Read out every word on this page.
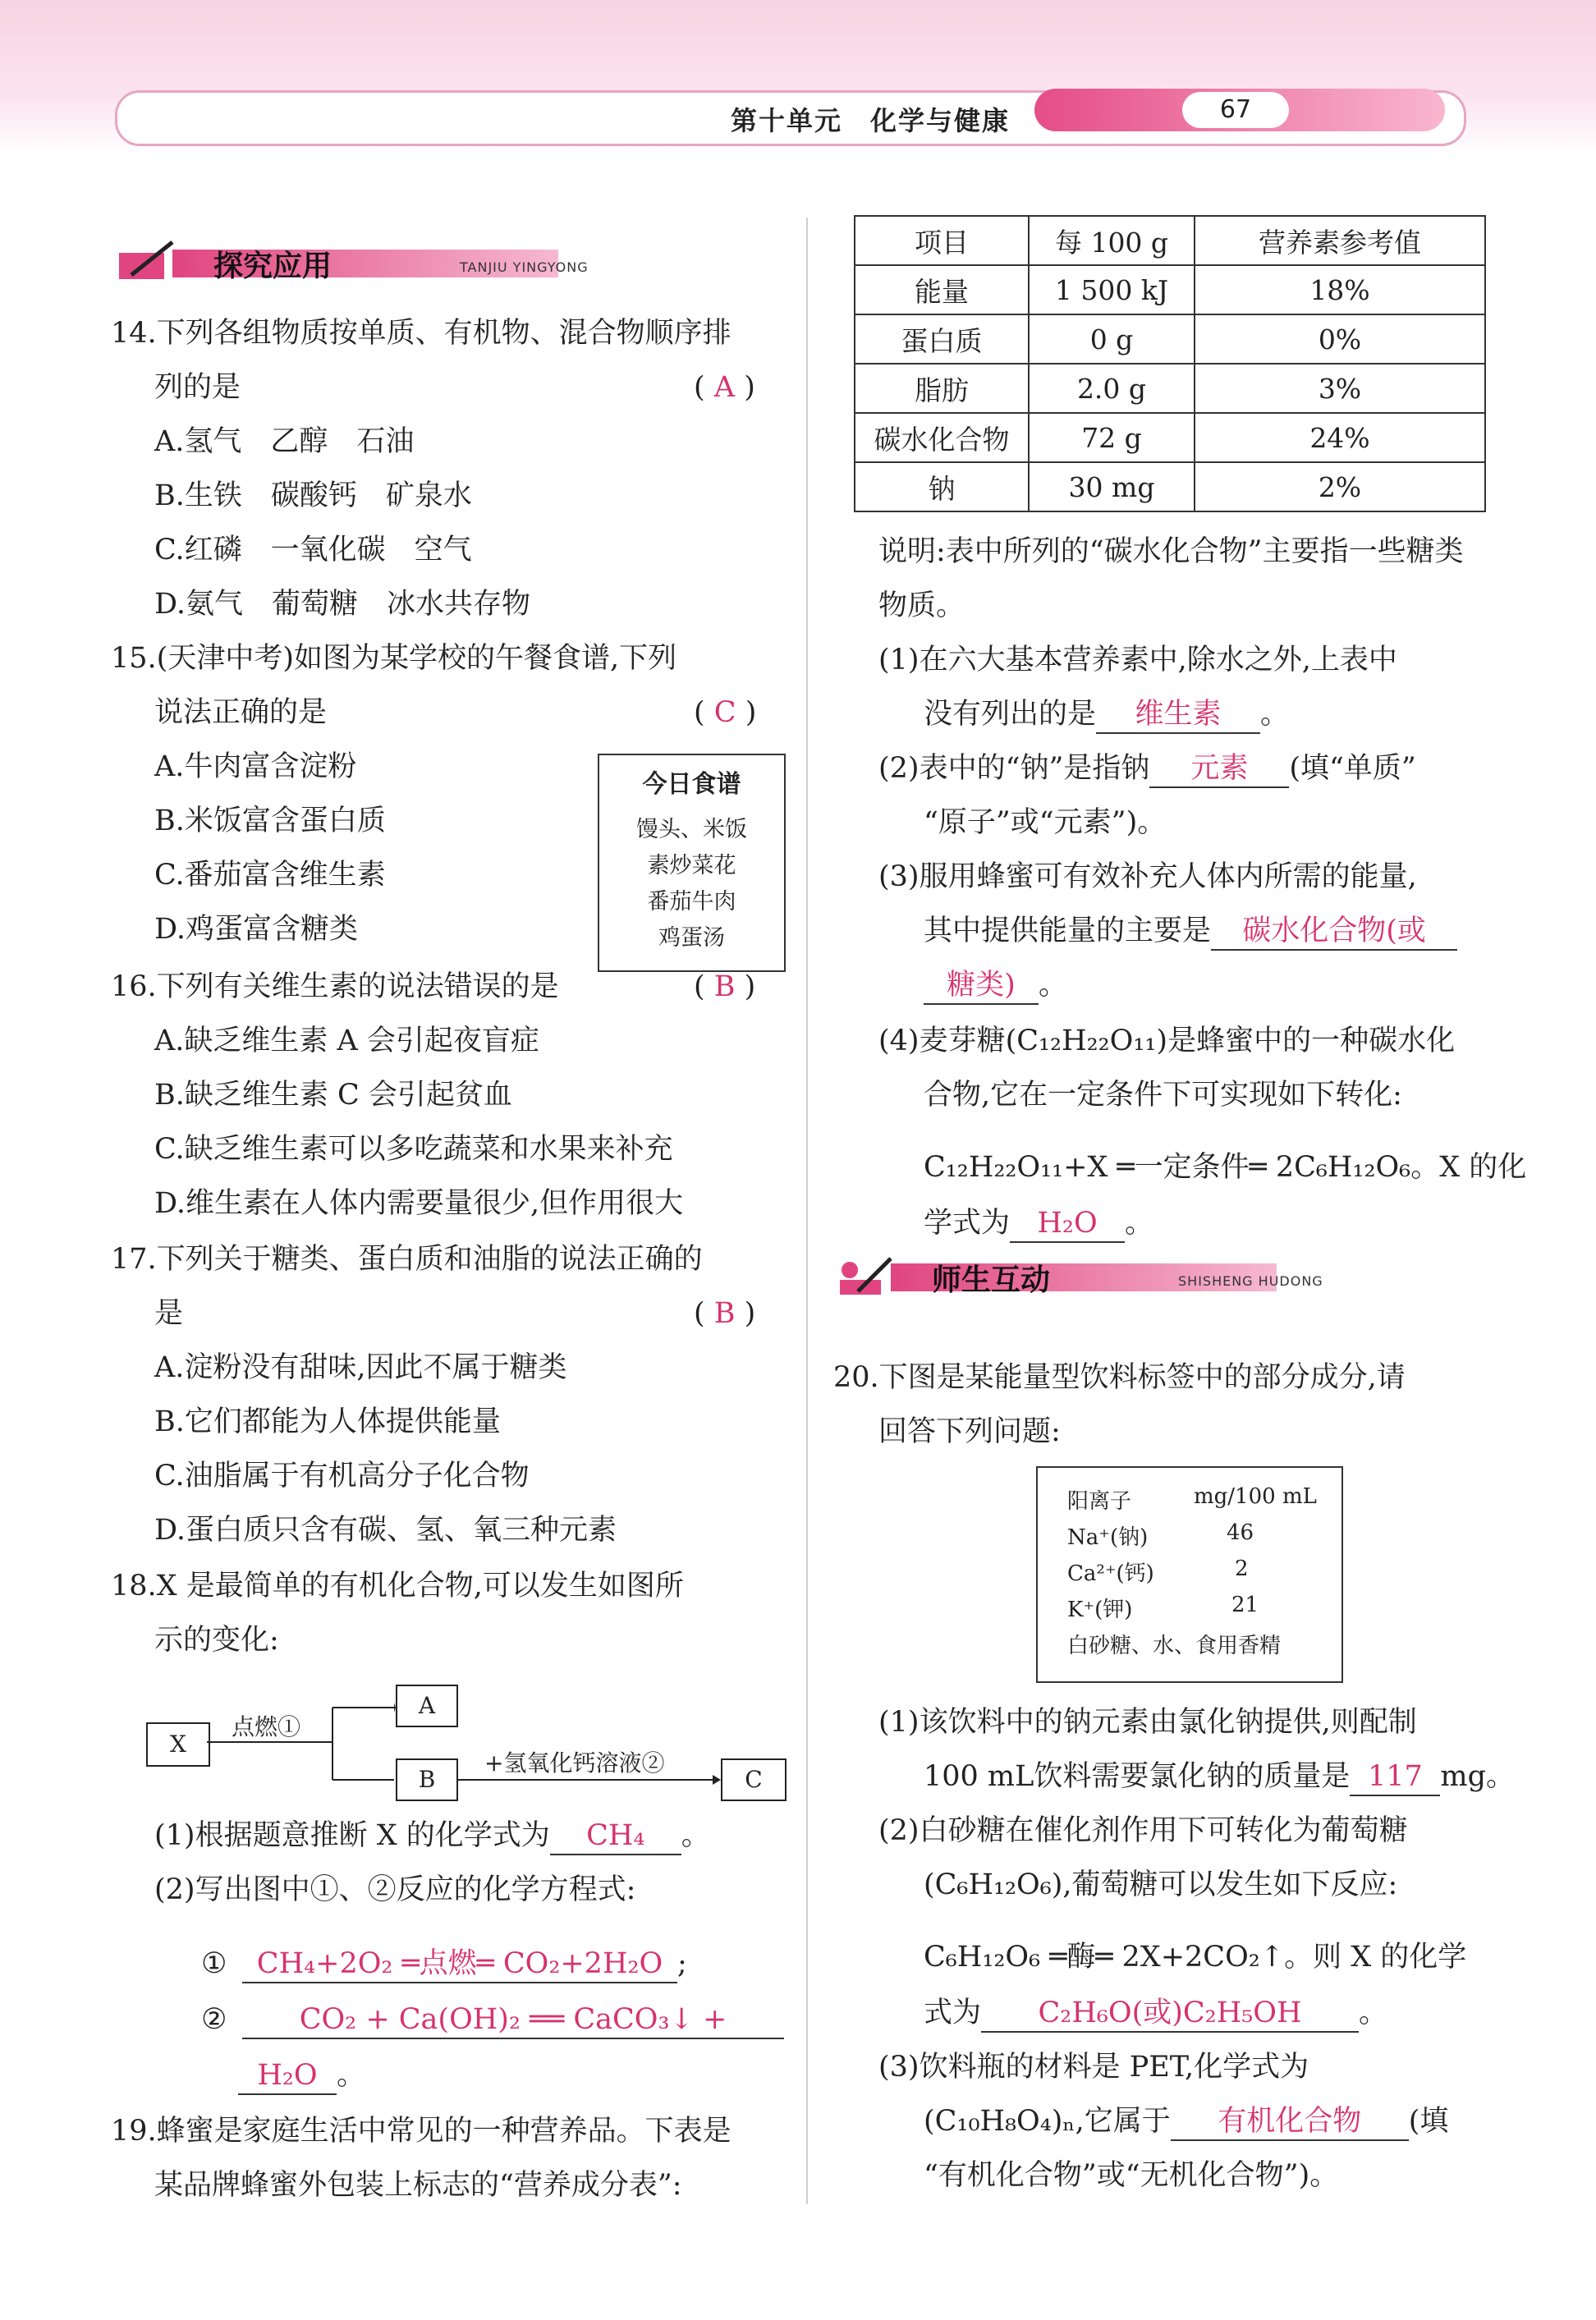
第十单元　化学与健康	67
探究应用	TANJIU YINGYONG
14.下列各组物质按单质、有机物、混合物顺序排
列的是	( A )
A.氢气　乙醇　石油
B.生铁　碳酸钙　矿泉水
C.红磷　一氧化碳　空气
D.氨气　葡萄糖　冰水共存物
15.(天津中考)如图为某学校的午餐食谱,下列
说法正确的是	( C )
A.牛肉富含淀粉
B.米饭富含蛋白质
C.番茄富含维生素
D.鸡蛋富含糖类
今日食谱
馒头、米饭
素炒菜花
番茄牛肉
鸡蛋汤
16.下列有关维生素的说法错误的是	( B )
A.缺乏维生素 A 会引起夜盲症
B.缺乏维生素 C 会引起贫血
C.缺乏维生素可以多吃蔬菜和水果来补充
D.维生素在人体内需要量很少,但作用很大
17.下列关于糖类、蛋白质和油脂的说法正确的
是	( B )
A.淀粉没有甜味,因此不属于糖类
B.它们都能为人体提供能量
C.油脂属于有机高分子化合物
D.蛋白质只含有碳、氢、氧三种元素
18.X 是最简单的有机化合物,可以发生如图所
示的变化:
X
A
B	C
点燃①
+氢氧化钙溶液②
(1)根据题意推断 X 的化学式为 CH₄ 。
(2)写出图中①、②反应的化学方程式:
①	CH₄+2O₂ ═点燃═ CO₂+2H₂O ;
②	CO₂ + Ca(OH)₂ ══ CaCO₃↓ +
H₂O 。
19.蜂蜜是家庭生活中常见的一种营养品。下表是
某品牌蜂蜜外包装上标志的“营养成分表”:
项目	每 100 g	营养素参考值
能量	1 500 kJ	18%
蛋白质	0 g	0%
脂肪	2.0 g	3%
碳水化合物	72 g	24%
钠	30 mg	2%
说明:表中所列的“碳水化合物”主要指一些糖类
物质。
(1)在六大基本营养素中,除水之外,上表中
没有列出的是 维生素 。
(2)表中的“钠”是指钠 元素 (填“单质”
“原子”或“元素”)。
(3)服用蜂蜜可有效补充人体内所需的能量,
其中提供能量的主要是 碳水化合物(或
糖类) 。
(4)麦芽糖(C₁₂H₂₂O₁₁)是蜂蜜中的一种碳水化
合物,它在一定条件下可实现如下转化:
C₁₂H₂₂O₁₁+X ═一定条件═ 2C₆H₁₂O₆。X 的化
学式为 H₂O 。
师生互动	SHISHENG HUDONG
20.下图是某能量型饮料标签中的部分成分,请
回答下列问题:
阳离子	mg/100 mL
Na⁺(钠)	46
Ca²⁺(钙)	2
K⁺(钾)	21
白砂糖、水、食用香精
(1)该饮料中的钠元素由氯化钠提供,则配制
100 mL饮料需要氯化钠的质量是 117 mg。
(2)白砂糖在催化剂作用下可转化为葡萄糖
(C₆H₁₂O₆),葡萄糖可以发生如下反应:
C₆H₁₂O₆ ═酶═ 2X+2CO₂↑。则 X 的化学
式为 C₂H₆O(或)C₂H₅OH 。
(3)饮料瓶的材料是 PET,化学式为
(C₁₀H₈O₄)ₙ,它属于 有机化合物 (填
“有机化合物”或“无机化合物”)。
